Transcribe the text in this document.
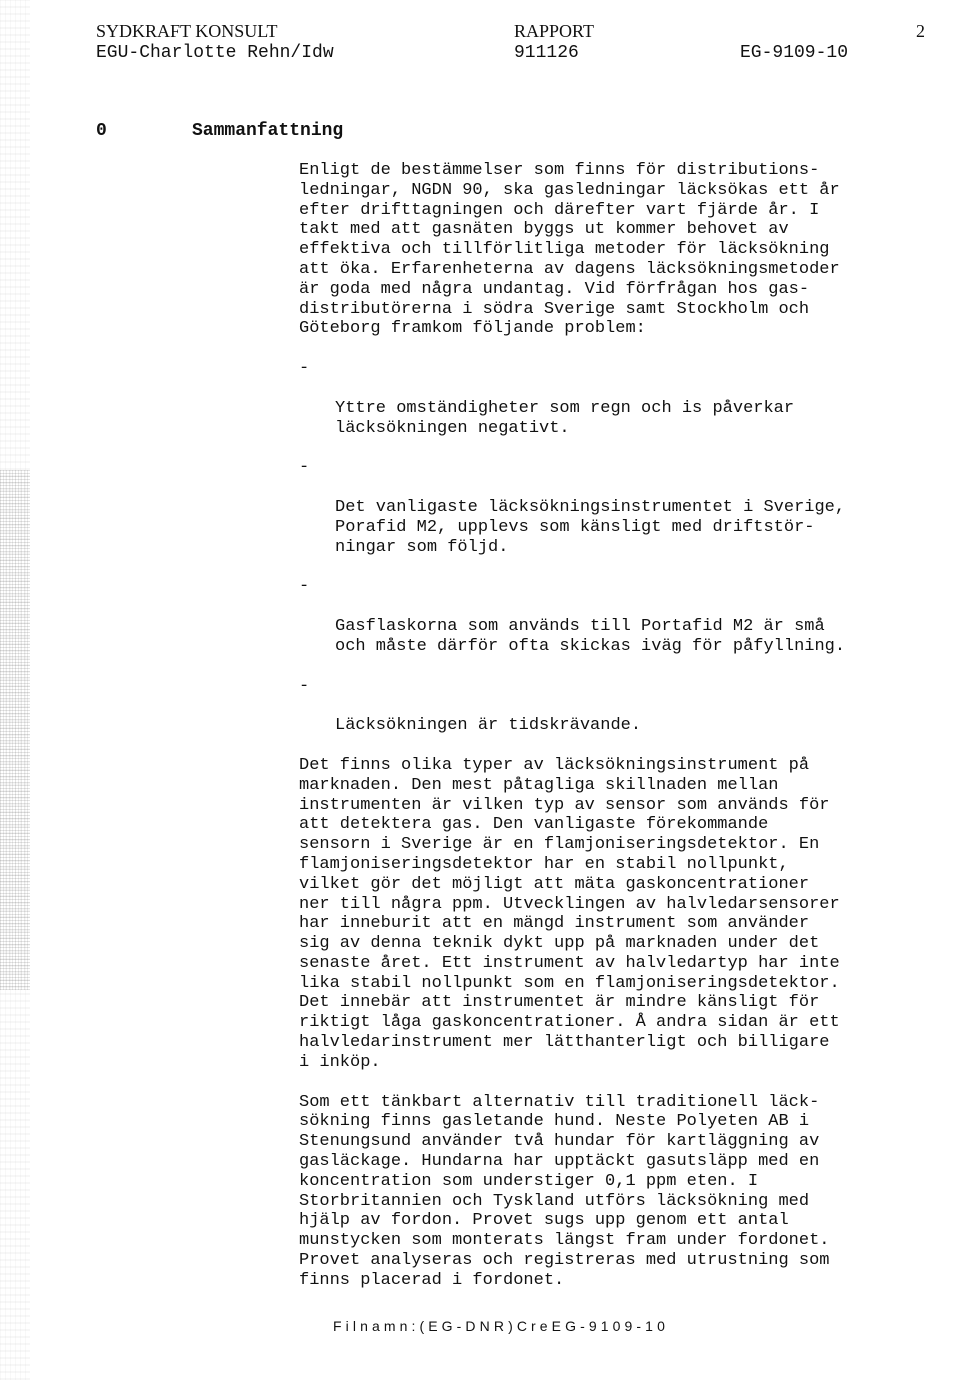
SYDKRAFT KONSULT
EGU-Charlotte Rehn/Idw
RAPPORT
911126	EG-9109-10
2
0	Sammanfattning

Enligt de bestämmelser som finns för distributions-
ledningar, NGDN 90, ska gasledningar läcksökas ett år
efter drifttagningen och därefter vart fjärde år. I
takt med att gasnäten byggs ut kommer behovet av
effektiva och tillförlitliga metoder för läcksökning
att öka. Erfarenheterna av dagens läcksökningsmetoder
är goda med några undantag. Vid förfrågan hos gas-
distributörerna i södra Sverige samt Stockholm och
Göteborg framkom följande problem:

-

Yttre omständigheter som regn och is påverkar
läcksökningen negativt.

-

Det vanligaste läcksökningsinstrumentet i Sverige,
Porafid M2, upplevs som känsligt med driftstör-
ningar som följd.

-

Gasflaskorna som används till Portafid M2 är små
och måste därför ofta skickas iväg för påfyllning.

-

Läcksökningen är tidskrävande.

Det finns olika typer av läcksökningsinstrument på
marknaden. Den mest påtagliga skillnaden mellan
instrumenten är vilken typ av sensor som används för
att detektera gas. Den vanligaste förekommande
sensorn i Sverige är en flamjoniseringsdetektor. En
flamjoniseringsdetektor har en stabil nollpunkt,
vilket gör det möjligt att mäta gaskoncentrationer
ner till några ppm. Utvecklingen av halvledarsensorer
har inneburit att en mängd instrument som använder
sig av denna teknik dykt upp på marknaden under det
senaste året. Ett instrument av halvledartyp har inte
lika stabil nollpunkt som en flamjoniseringsdetektor.
Det innebär att instrumentet är mindre känsligt för
riktigt låga gaskoncentrationer. Å andra sidan är ett
halvledarinstrument mer lätthanterligt och billigare
i inköp.

Som ett tänkbart alternativ till traditionell läck-
sökning finns gasletande hund. Neste Polyeten AB i
Stenungsund använder två hundar för kartläggning av
gasläckage. Hundarna har upptäckt gasutsläpp med en
koncentration som understiger 0,1 ppm eten. I
Storbritannien och Tyskland utförs läcksökning med
hjälp av fordon. Provet sugs upp genom ett antal
munstycken som monterats längst fram under fordonet.
Provet analyseras och registreras med utrustning som
finns placerad i fordonet.

Filnamn:(EG-DNR)CreEG-9109-10
